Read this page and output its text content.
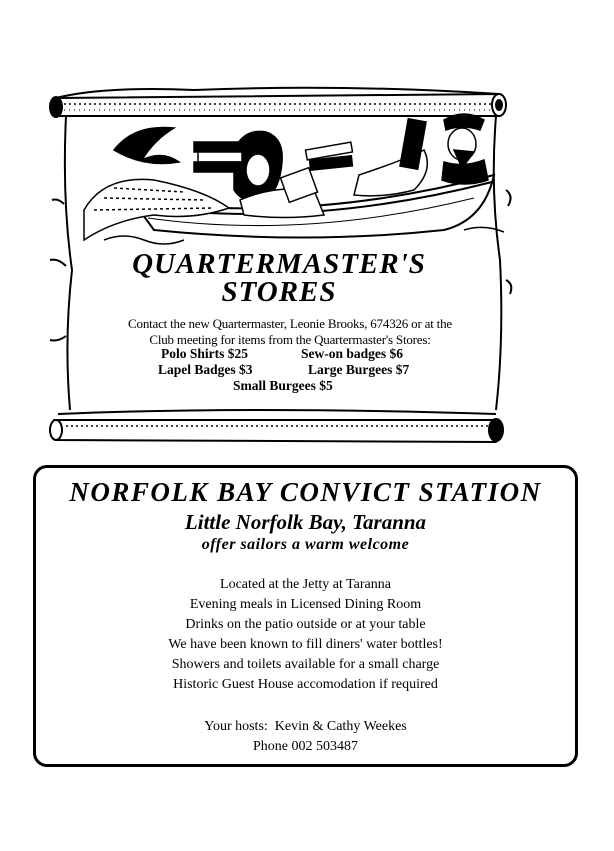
QUARTERMASTER'S
STORES
Contact the new Quartermaster, Leonie Brooks, 674326 or at the
Club meeting for items from the Quartermaster's Stores:
Polo Shirts $25	Sew-on badges $6
Lapel Badges $3	Large Burgees $7
Small Burgees $5
NORFOLK BAY CONVICT STATION
Little Norfolk Bay, Taranna
offer sailors a warm welcome
Located at the Jetty at Taranna
Evening meals in Licensed Dining Room
Drinks on the patio outside or at your table
We have been known to fill diners' water bottles!
Showers and toilets available for a small charge
Historic Guest House accomodation if required
Your hosts:  Kevin & Cathy Weekes
Phone 002 503487
